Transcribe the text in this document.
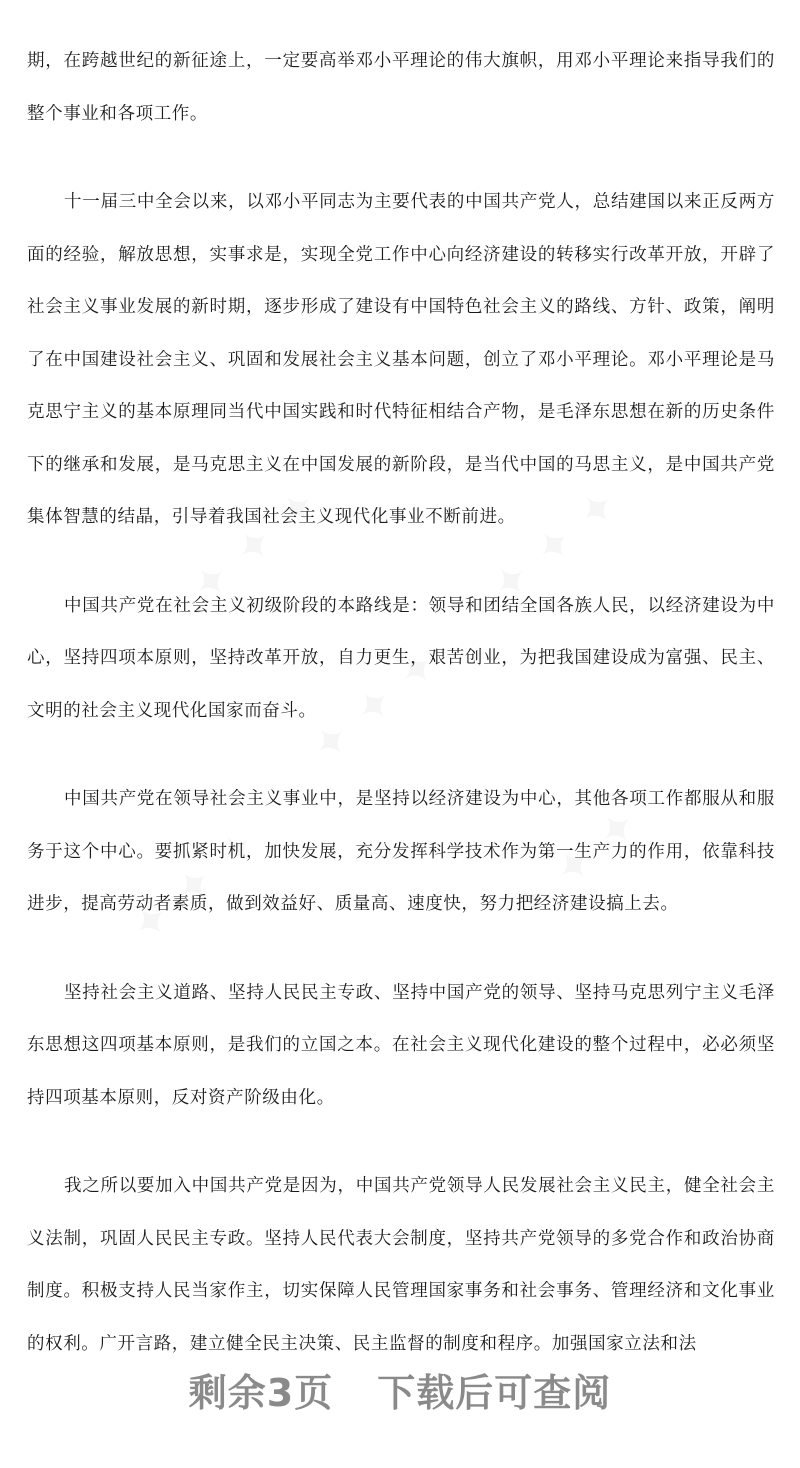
期，在跨越世纪的新征途上，一定要高举邓小平理论的伟大旗帜，用邓小平理论来指导我们的整个事业和各项工作。

十一届三中全会以来，以邓小平同志为主要代表的中国共产党人，总结建国以来正反两方面的经验，解放思想，实事求是，实现全党工作中心向经济建设的转移实行改革开放，开辟了社会主义事业发展的新时期，逐步形成了建设有中国特色社会主义的路线、方针、政策，阐明了在中国建设社会主义、巩固和发展社会主义基本问题，创立了邓小平理论。邓小平理论是马克思宁主义的基本原理同当代中国实践和时代特征相结合产物，是毛泽东思想在新的历史条件下的继承和发展，是马克思主义在中国发展的新阶段，是当代中国的马思主义，是中国共产党集体智慧的结晶，引导着我国社会主义现代化事业不断前进。

中国共产党在社会主义初级阶段的本路线是：领导和团结全国各族人民，以经济建设为中心，坚持四项本原则，坚持改革开放，自力更生，艰苦创业，为把我国建设成为富强、民主、文明的社会主义现代化国家而奋斗。

中国共产党在领导社会主义事业中，是坚持以经济建设为中心，其他各项工作都服从和服务于这个中心。要抓紧时机，加快发展，充分发挥科学技术作为第一生产力的作用，依靠科技进步，提高劳动者素质，做到效益好、质量高、速度快，努力把经济建设搞上去。

坚持社会主义道路、坚持人民民主专政、坚持中国产党的领导、坚持马克思列宁主义毛泽东思想这四项基本原则，是我们的立国之本。在社会主义现代化建设的整个过程中，必必须坚持四项基本原则，反对资产阶级由化。

我之所以要加入中国共产党是因为，中国共产党领导人民发展社会主义民主，健全社会主义法制，巩固人民民主专政。坚持人民代表大会制度，坚持共产党领导的多党合作和政治协商制度。积极支持人民当家作主，切实保障人民管理国家事务和社会事务、管理经济和文化事业的权利。广开言路，建立健全民主决策、民主监督的制度和程序。加强国家立法和法

剩余3页 下载后可查阅
